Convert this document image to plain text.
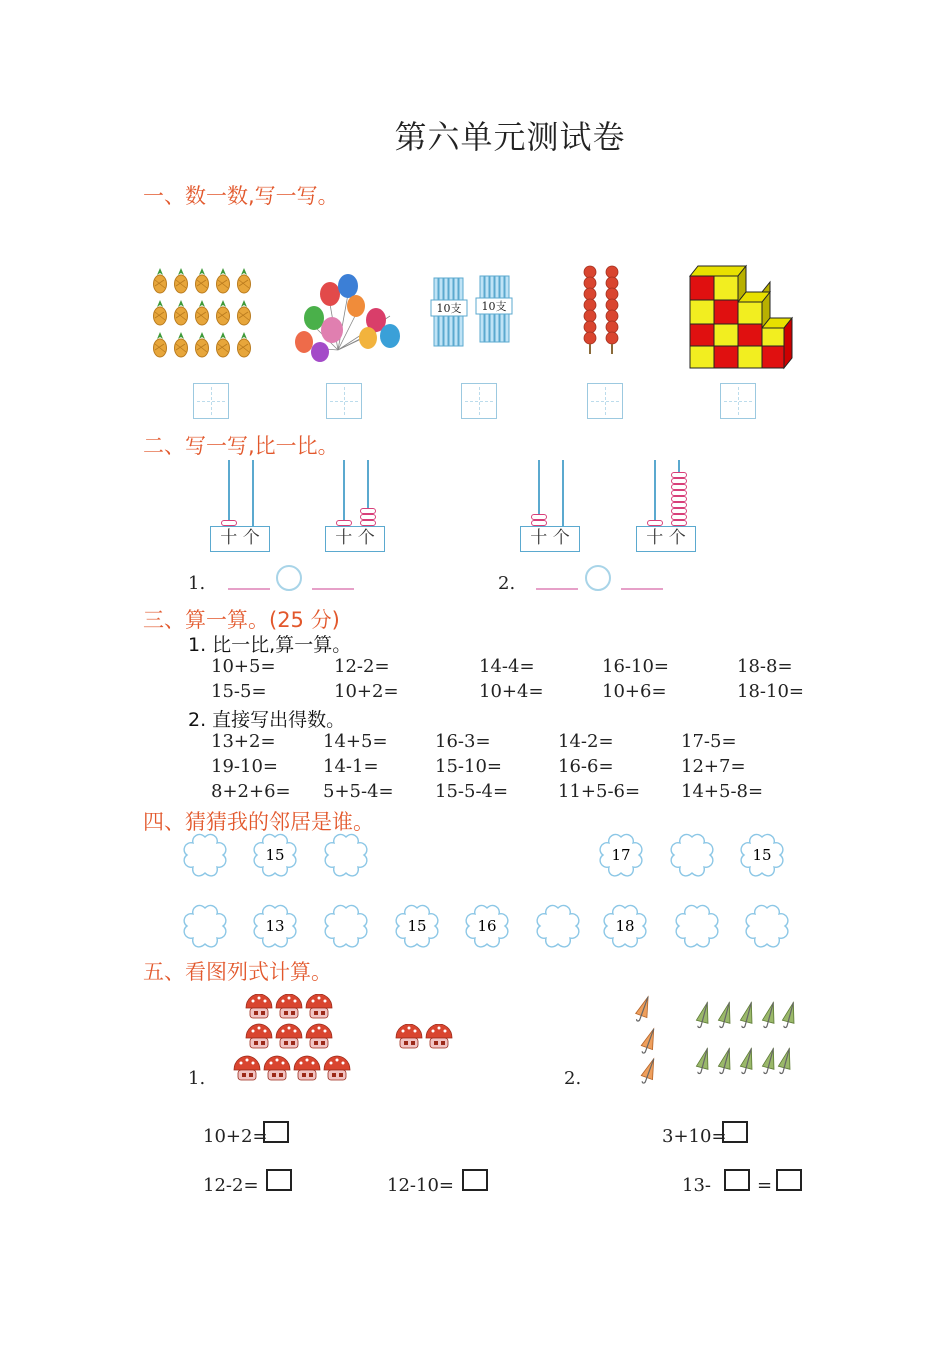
第六单元测试卷
一、数一数,写一写。
10支 10支
二、写一写,比一比。
十 个	十 个	十 个	十 个
1.	2.
三、算一算。(25 分)
1. 比一比,算一算。
10+5=	12-2=	14-4=	16-10=	18-8=
15-5=	10+2=	10+4=	10+6=	18-10=
2. 直接写出得数。
13+2=	14+5=	16-3=	14-2=	17-5=
19-10=	14-1=	15-10=	16-6=	12+7=
8+2+6= 5+5-4= 15-5-4=	11+5-6= 14+5-8=
四、猜猜我的邻居是谁。
15	17	15
13	15	16	18
五、看图列式计算。
1.	2.
10+2=
12-2=	12-10=
3+10=
13-	=
